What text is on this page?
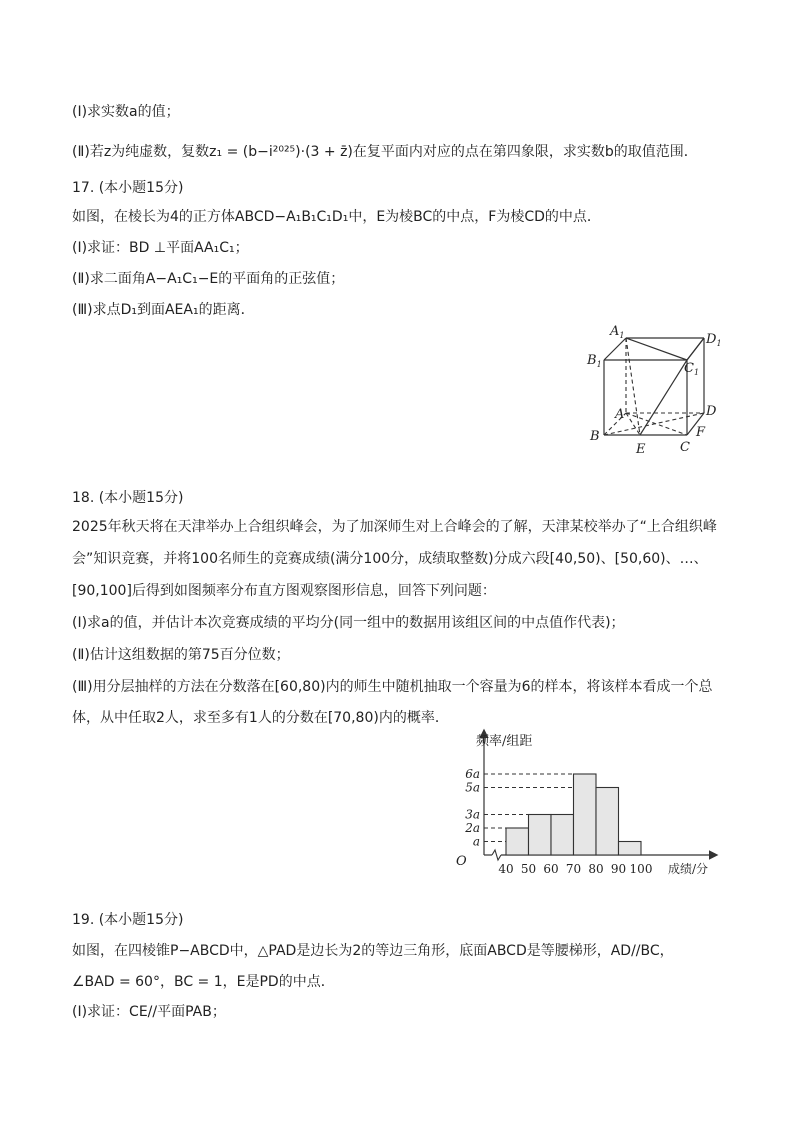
(Ⅰ)求实数a的值；
(Ⅱ)若z为纯虚数，复数z₁ = (b−i²⁰²⁵)·(3 + z̄)在复平面内对应的点在第四象限，求实数b的取值范围．
17. (本小题15分)
如图，在棱长为4的正方体ABCD−A₁B₁C₁D₁中，E为棱BC的中点，F为棱CD的中点．
(Ⅰ)求证：BD ⊥平面AA₁C₁；
(Ⅱ)求二面角A−A₁C₁−E的平面角的正弦值；
(Ⅲ)求点D₁到面AEA₁的距离．
$A_1$	$D_1$
$B_1$	$C_1$
A	D
B	F
E	C
18. (本小题15分)
2025年秋天将在天津举办上合组织峰会，为了加深师生对上合峰会的了解，天津某校举办了“上合组织峰
会”知识竞赛，并将100名师生的竞赛成绩(满分100分，成绩取整数)分成六段[40,50)、[50,60)、…、
[90,100]后得到如图频率分布直方图观察图形信息，回答下列问题：
(Ⅰ)求a的值，并估计本次竞赛成绩的平均分(同一组中的数据用该组区间的中点值作代表)；
(Ⅱ)估计这组数据的第75百分位数；
(Ⅲ)用分层抽样的方法在分数落在[60,80)内的师生中随机抽取一个容量为6的样本，将该样本看成一个总
体，从中任取2人，求至多有1人的分数在[70,80)内的概率．
频率/组距
成绩/分
O
a
2a
3a
5a
6a
40 50 60 70 80 90 100
19. (本小题15分)
如图，在四棱锥P−ABCD中，△PAD是边长为2的等边三角形，底面ABCD是等腰梯形，AD//BC，
∠BAD = 60°，BC = 1，E是PD的中点．
(Ⅰ)求证：CE//平面PAB；
